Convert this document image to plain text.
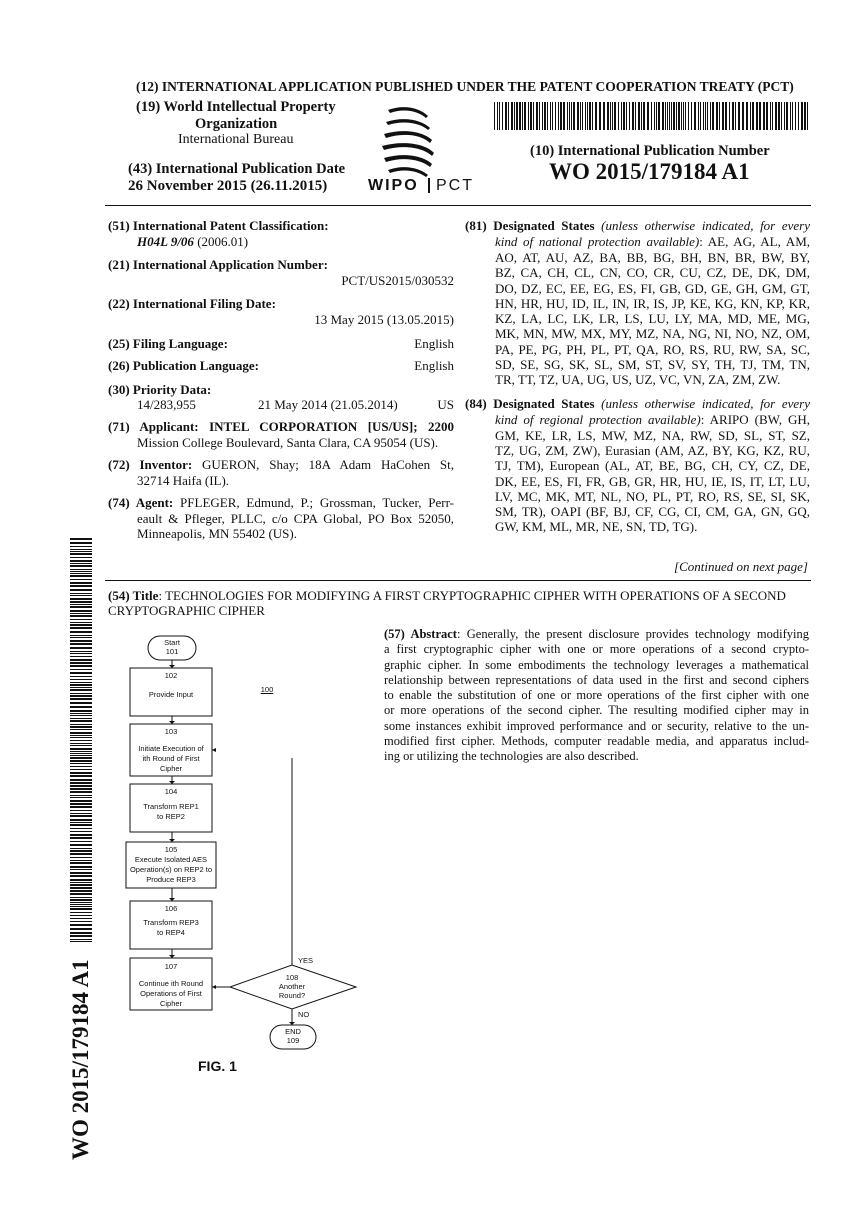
(12) INTERNATIONAL APPLICATION PUBLISHED UNDER THE PATENT COOPERATION TREATY (PCT)
(19) World Intellectual Property
Organization
International Bureau
(43) International Publication Date
26 November 2015 (26.11.2015)	WIPO PCT
(10) International Publication Number
WO 2015/179184 A1
(51) International Patent Classification:
H04L 9/06 (2006.01)
(21) International Application Number:
PCT/US2015/030532
(22) International Filing Date:
13 May 2015 (13.05.2015)
(25) Filing Language:	English
(26) Publication Language:	English
(30) Priority Data:
14/283,955	21 May 2014 (21.05.2014)	US
(71) Applicant: INTEL CORPORATION [US/US]; 2200
Mission College Boulevard, Santa Clara, CA 95054 (US).
(72) Inventor: GUERON, Shay; 18A Adam HaCohen St,
32714 Haifa (IL).
(74) Agent: PFLEGER, Edmund, P.; Grossman, Tucker, Perr-
eault & Pfleger, PLLC, c/o CPA Global, PO Box 52050,
Minneapolis, MN 55402 (US).
(81) Designated States (unless otherwise indicated, for every
kind of national protection available): AE, AG, AL, AM,
AO, AT, AU, AZ, BA, BB, BG, BH, BN, BR, BW, BY,
BZ, CA, CH, CL, CN, CO, CR, CU, CZ, DE, DK, DM,
DO, DZ, EC, EE, EG, ES, FI, GB, GD, GE, GH, GM, GT,
HN, HR, HU, ID, IL, IN, IR, IS, JP, KE, KG, KN, KP, KR,
KZ, LA, LC, LK, LR, LS, LU, LY, MA, MD, ME, MG,
MK, MN, MW, MX, MY, MZ, NA, NG, NI, NO, NZ, OM,
PA, PE, PG, PH, PL, PT, QA, RO, RS, RU, RW, SA, SC,
SD, SE, SG, SK, SL, SM, ST, SV, SY, TH, TJ, TM, TN,
TR, TT, TZ, UA, UG, US, UZ, VC, VN, ZA, ZM, ZW.
(84) Designated States (unless otherwise indicated, for every
kind of regional protection available): ARIPO (BW, GH,
GM, KE, LR, LS, MW, MZ, NA, RW, SD, SL, ST, SZ,
TZ, UG, ZM, ZW), Eurasian (AM, AZ, BY, KG, KZ, RU,
TJ, TM), European (AL, AT, BE, BG, CH, CY, CZ, DE,
DK, EE, ES, FI, FR, GB, GR, HR, HU, IE, IS, IT, LT, LU,
LV, MC, MK, MT, NL, NO, PL, PT, RO, RS, SE, SI, SK,
SM, TR), OAPI (BF, BJ, CF, CG, CI, CM, GA, GN, GQ,
GW, KM, ML, MR, NE, SN, TD, TG).
[Continued on next page]
(54) Title: TECHNOLOGIES FOR MODIFYING A FIRST CRYPTOGRAPHIC CIPHER WITH OPERATIONS OF A SECOND
CRYPTOGRAPHIC CIPHER
(57) Abstract: Generally, the present disclosure provides technology modifying
a first cryptographic cipher with one or more operations of a second crypto-
graphic cipher. In some embodiments the technology leverages a mathematical
relationship between representations of data used in the first and second ciphers
to enable the substitution of one or more operations of the first cipher with one
or more operations of the second cipher. The resulting modified cipher may in
some instances exhibit improved performance and or security, relative to the un-
modified first cipher. Methods, computer readable media, and apparatus includ-
ing or utilizing the technologies are also described.
Start
101
100
102
Provide Input
103
Initiate Execution of
ith Round of First
Cipher
104
Transform REP1
to REP2
105
Execute Isolated AES
Operation(s) on REP2 to
Produce REP3
106
Transform REP3
to REP4
107
Continue ith Round
Operations of First
Cipher
108
Another
Round?
YES
NO
END
109
FIG. 1
WO 2015/179184 A1
